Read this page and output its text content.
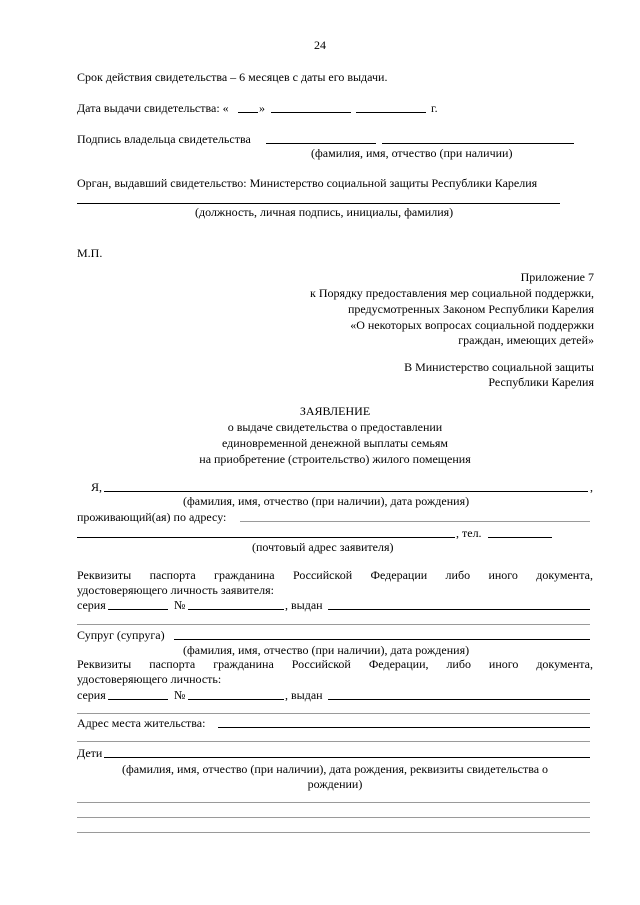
24
Срок действия свидетельства – 6 месяцев с даты его выдачи.
Дата выдачи свидетельства: «	»	г.
Подпись владельца свидетельства
(фамилия, имя, отчество (при наличии)
Орган, выдавший свидетельство: Министерство социальной защиты Республики Карелия
(должность, личная подпись, инициалы, фамилия)
М.П.
Приложение 7
к Порядку предоставления мер социальной поддержки,
предусмотренных Законом Республики Карелия
«О некоторых вопросах социальной поддержки
граждан, имеющих детей»
В Министерство социальной защиты
Республики Карелия
ЗАЯВЛЕНИЕ
о выдаче свидетельства о предоставлении
единовременной денежной выплаты семьям
на приобретение (строительство) жилого помещения
Я,	,
(фамилия, имя, отчество (при наличии), дата рождения)
проживающий(ая) по адресу:
, тел.
(почтовый адрес заявителя)
Реквизиты паспорта гражданина Российской Федерации либо иного документа,
удостоверяющего личность заявителя:
серия	№	, выдан
Супруг (супруга)
(фамилия, имя, отчество (при наличии), дата рождения)
Реквизиты паспорта гражданина Российской Федерации, либо иного документа,
удостоверяющего личность:
серия	№	, выдан
Адрес места жительства:
Дети
(фамилия, имя, отчество (при наличии), дата рождения, реквизиты свидетельства о
рождении)
